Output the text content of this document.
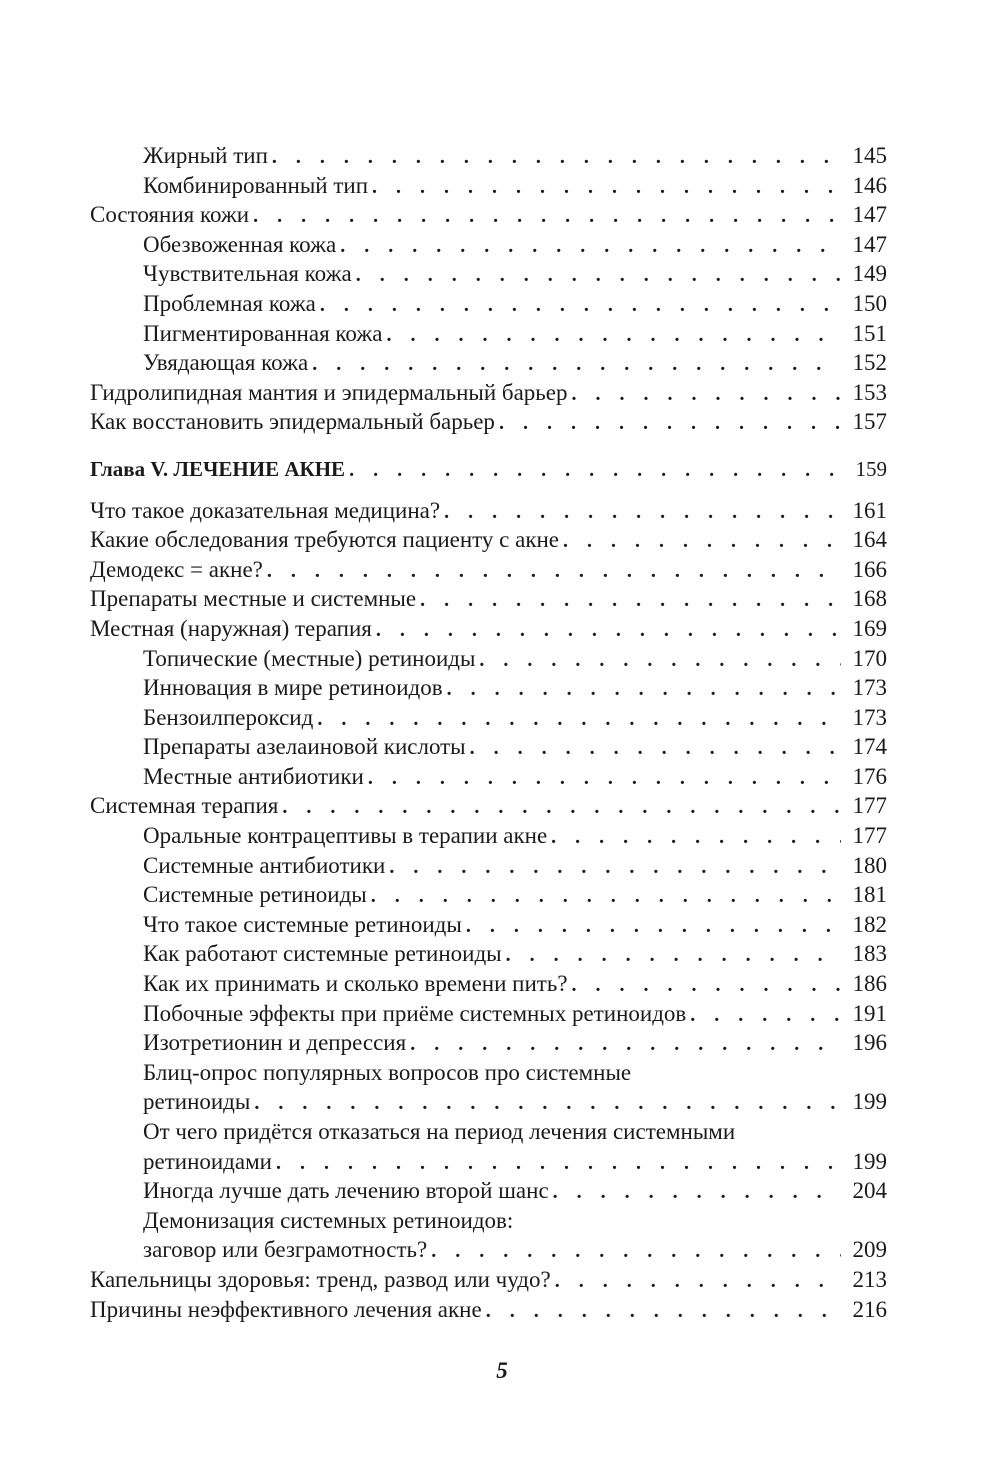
Жирный тип . . .	145
Комбинированный тип . . .	146
Состояния кожи . . .	147
Обезвоженная кожа . . .	147
Чувствительная кожа . . .	149
Проблемная кожа . . .	150
Пигментированная кожа . . .	151
Увядающая кожа . . .	152
Гидролипидная мантия и эпидермальный барьер . . .	153
Как восстановить эпидермальный барьер . . .	157
Глава V. ЛЕЧЕНИЕ АКНЕ . . .	159
Что такое доказательная медицина? . . .	161
Какие обследования требуются пациенту с акне . . .	164
Демодекс = акне? . . .	166
Препараты местные и системные . . .	168
Местная (наружная) терапия . . .	169
Топические (местные) ретиноиды . . .	170
Инновация в мире ретиноидов . . .	173
Бензоилпероксид . . .	173
Препараты азелаиновой кислоты . . .	174
Местные антибиотики . . .	176
Системная терапия . . .	177
Оральные контрацептивы в терапии акне . . .	177
Системные антибиотики . . .	180
Системные ретиноиды . . .	181
Что такое системные ретиноиды . . .	182
Как работают системные ретиноиды . . .	183
Как их принимать и сколько времени пить? . . .	186
Побочные эффекты при приёме системных ретиноидов . . .	191
Изотретионин и депрессия . . .	196
Блиц-опрос популярных вопросов про системные
ретиноиды . . .	199
От чего придётся отказаться на период лечения системными
ретиноидами . . .	199
Иногда лучше дать лечению второй шанс . . .	204
Демонизация системных ретиноидов:
заговор или безграмотность? . . .	209
Капельницы здоровья: тренд, развод или чудо? . . .	213
Причины неэффективного лечения акне . . .	216
5
